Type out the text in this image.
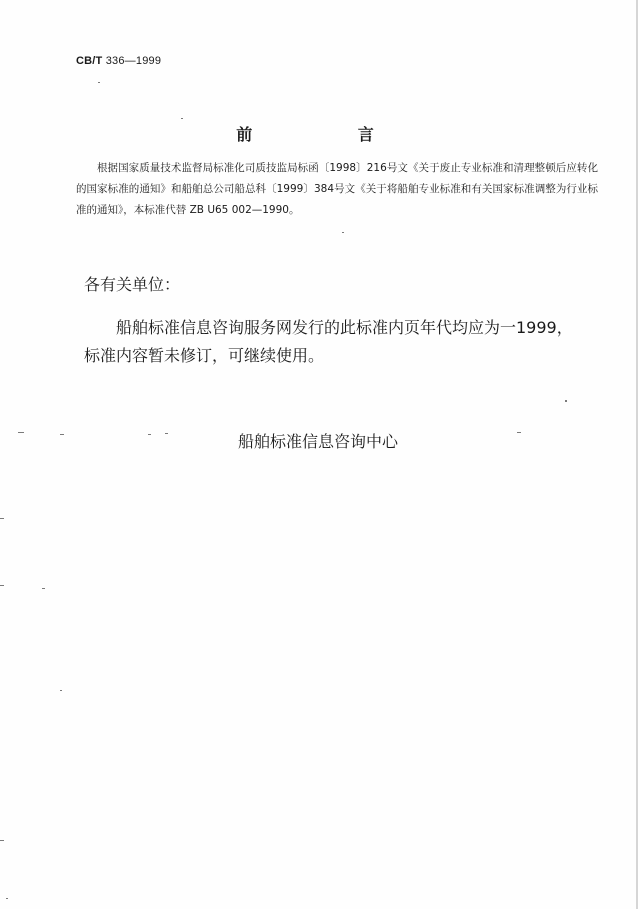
CB/T 336—1999
前 言
根据国家质量技术监督局标准化司质技监局标函〔1998〕216号文《关于废止专业标准和清理整顿后应转化的国家标准的通知》和船舶总公司船总科〔1999〕384号文《关于将船舶专业标准和有关国家标准调整为行业标准的通知》，本标准代替 ZB U65 002—1990。
各有关单位：
船舶标准信息咨询服务网发行的此标准内页年代均应为一1999，标准内容暂未修订，可继续使用。
船舶标准信息咨询中心
